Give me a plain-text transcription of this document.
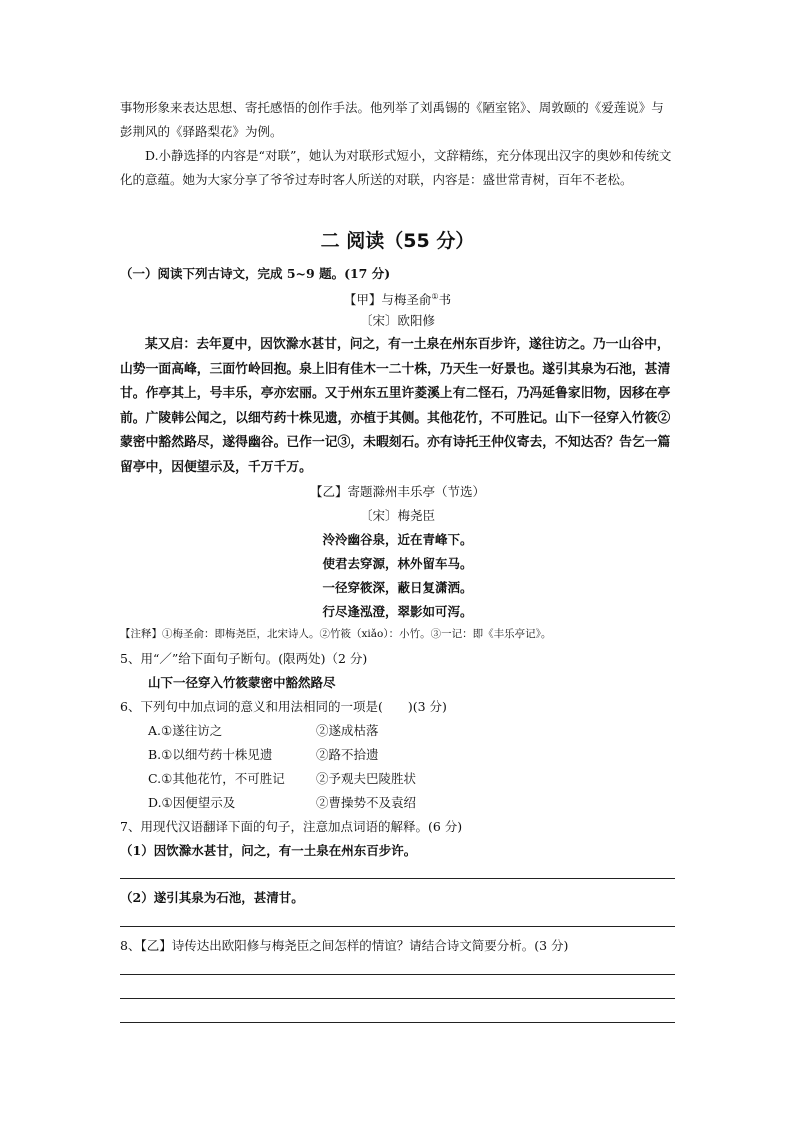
事物形象来表达思想、寄托感悟的创作手法。他列举了刘禹锡的《陋室铭》、周敦颐的《爱莲说》与彭荆风的《驿路梨花》为例。
D.小静选择的内容是“对联”，她认为对联形式短小，文辞精练，充分体现出汉字的奥妙和传统文化的意蕴。她为大家分享了爷爷过寿时客人所送的对联，内容是：盛世常青树，百年不老松。
二 阅读（55 分）
（一）阅读下列古诗文，完成 5~9 题。(17 分)
【甲】与梅圣俞①书
〔宋〕欧阳修
某又启：去年夏中，因饮滁水甚甘，问之，有一土泉在州东百步许，遂往访之。乃一山谷中，山势一面高峰，三面竹岭回抱。泉上旧有佳木一二十株，乃天生一好景也。遂引其泉为石池，甚清甘。作亭其上，号丰乐，亭亦宏丽。又于州东五里许菱溪上有二怪石，乃冯延鲁家旧物，因移在亭前。广陵韩公闻之，以细芍药十株见遗，亦植于其侧。其他花竹，不可胜记。山下一径穿入竹筱②蒙密中豁然路尽，遂得幽谷。已作一记③，未暇刻石。亦有诗托王仲仪寄去，不知达否？告乞一篇留亭中，因便望示及，千万千万。
【乙】寄题滁州丰乐亭（节选）
〔宋〕梅尧臣
泠泠幽谷泉，近在青峰下。
使君去穿源，林外留车马。
一径穿筱深，蔽日复潇洒。
行尽逢泓澄，翠影如可泻。
【注释】①梅圣俞：即梅尧臣，北宋诗人。②竹筱（xiǎo）：小竹。③一记：即《丰乐亭记》。
5、用“／”给下面句子断句。(限两处)（2 分)
山下一径穿入竹筱蒙密中豁然路尽
6、下列句中加点词的意义和用法相同的一项是(　　)(3 分)
A.①遂往访之	②遂成枯落
B.①以细芍药十株见遗	②路不拾遗
C.①其他花竹，不可胜记 ②予观夫巴陵胜状
D.①因便望示及	②曹操势不及袁绍
7、用现代汉语翻译下面的句子，注意加点词语的解释。(6 分)
（1）因饮滁水甚甘，问之，有一土泉在州东百步许。
（2）遂引其泉为石池，甚清甘。
8、【乙】诗传达出欧阳修与梅尧臣之间怎样的情谊？请结合诗文简要分析。(3 分)
